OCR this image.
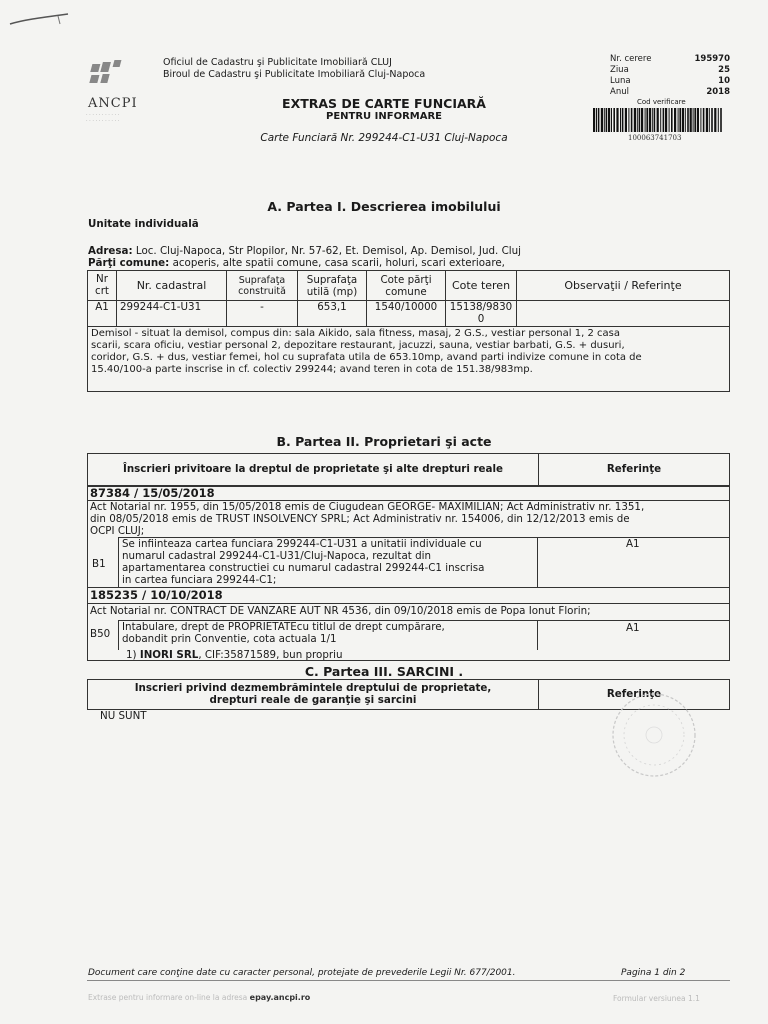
ANCPI
· · · · · · · · · · ·
· · · · · · · · · · ·
Oficiul de Cadastru şi Publicitate Imobiliară CLUJ
Biroul de Cadastru şi Publicitate Imobiliară Cluj-Napoca
EXTRAS DE CARTE FUNCIARĂ
PENTRU INFORMARE
Carte Funciară Nr. 299244-C1-U31 Cluj-Napoca
Nr. cerere	195970
Ziua	25
Luna	10
Anul	2018
Cod verificare
100063741703
A. Partea I. Descrierea imobilului
Unitate individuală
Adresa: Loc. Cluj-Napoca, Str Plopilor, Nr. 57-62, Et. Demisol, Ap. Demisol, Jud. Cluj
Părţi comune: acoperis, alte spatii comune, casa scarii, holuri, scari exterioare,
Nr crt	Nr. cadastral	Suprafaţa construită	Suprafaţa utilă (mp)	Cote părţi comune	Cote teren	Observaţii / Referinţe
A1	299244-C1-U31	-	653,1	1540/10000	15138/98300	
Demisol - situat la demisol, compus din: sala Aikido, sala fitness, masaj, 2 G.S., vestiar personal 1, 2 casa
scarii, scara oficiu, vestiar personal 2, depozitare restaurant, jacuzzi, sauna, vestiar barbati, G.S. + dusuri,
coridor, G.S. + dus, vestiar femei, hol cu suprafata utila de 653.10mp, avand parti indivize comune in cota de
15.40/100-a parte inscrise in cf. colectiv 299244; avand teren in cota de 151.38/983mp.
B. Partea II. Proprietari şi acte
Înscrieri privitoare la dreptul de proprietate şi alte drepturi reale	Referinţe
87384 / 15/05/2018
Act Notarial nr. 1955, din 15/05/2018 emis de Ciugudean GEORGE- MAXIMILIAN; Act Administrativ nr. 1351,
din 08/05/2018 emis de TRUST INSOLVENCY SPRL; Act Administrativ nr. 154006, din 12/12/2013 emis de
OCPI CLUJ;
B1
Se infiinteaza cartea funciara 299244-C1-U31 a unitatii individuale cu
numarul cadastral 299244-C1-U31/Cluj-Napoca, rezultat din
apartamentarea constructiei cu numarul cadastral 299244-C1 inscrisa
in cartea funciara 299244-C1;
A1
185235 / 10/10/2018
Act Notarial nr. CONTRACT DE VANZARE AUT NR 4536, din 09/10/2018 emis de Popa Ionut Florin;
B50
Intabulare, drept de PROPRIETATEcu titlul de drept cumpărare,
dobandit prin Conventie, cota actuala 1/1
A1
1) INORI SRL, CIF:35871589, bun propriu
C. Partea III. SARCINI .
Inscrieri privind dezmembrămintele dreptului de proprietate,
drepturi reale de garanţie şi sarcini	Referinţe
NU SUNT
Document care conţine date cu caracter personal, protejate de prevederile Legii Nr. 677/2001.	Pagina 1 din 2
Extrase pentru informare on-line la adresa epay.ancpi.ro	Formular versiunea 1.1
